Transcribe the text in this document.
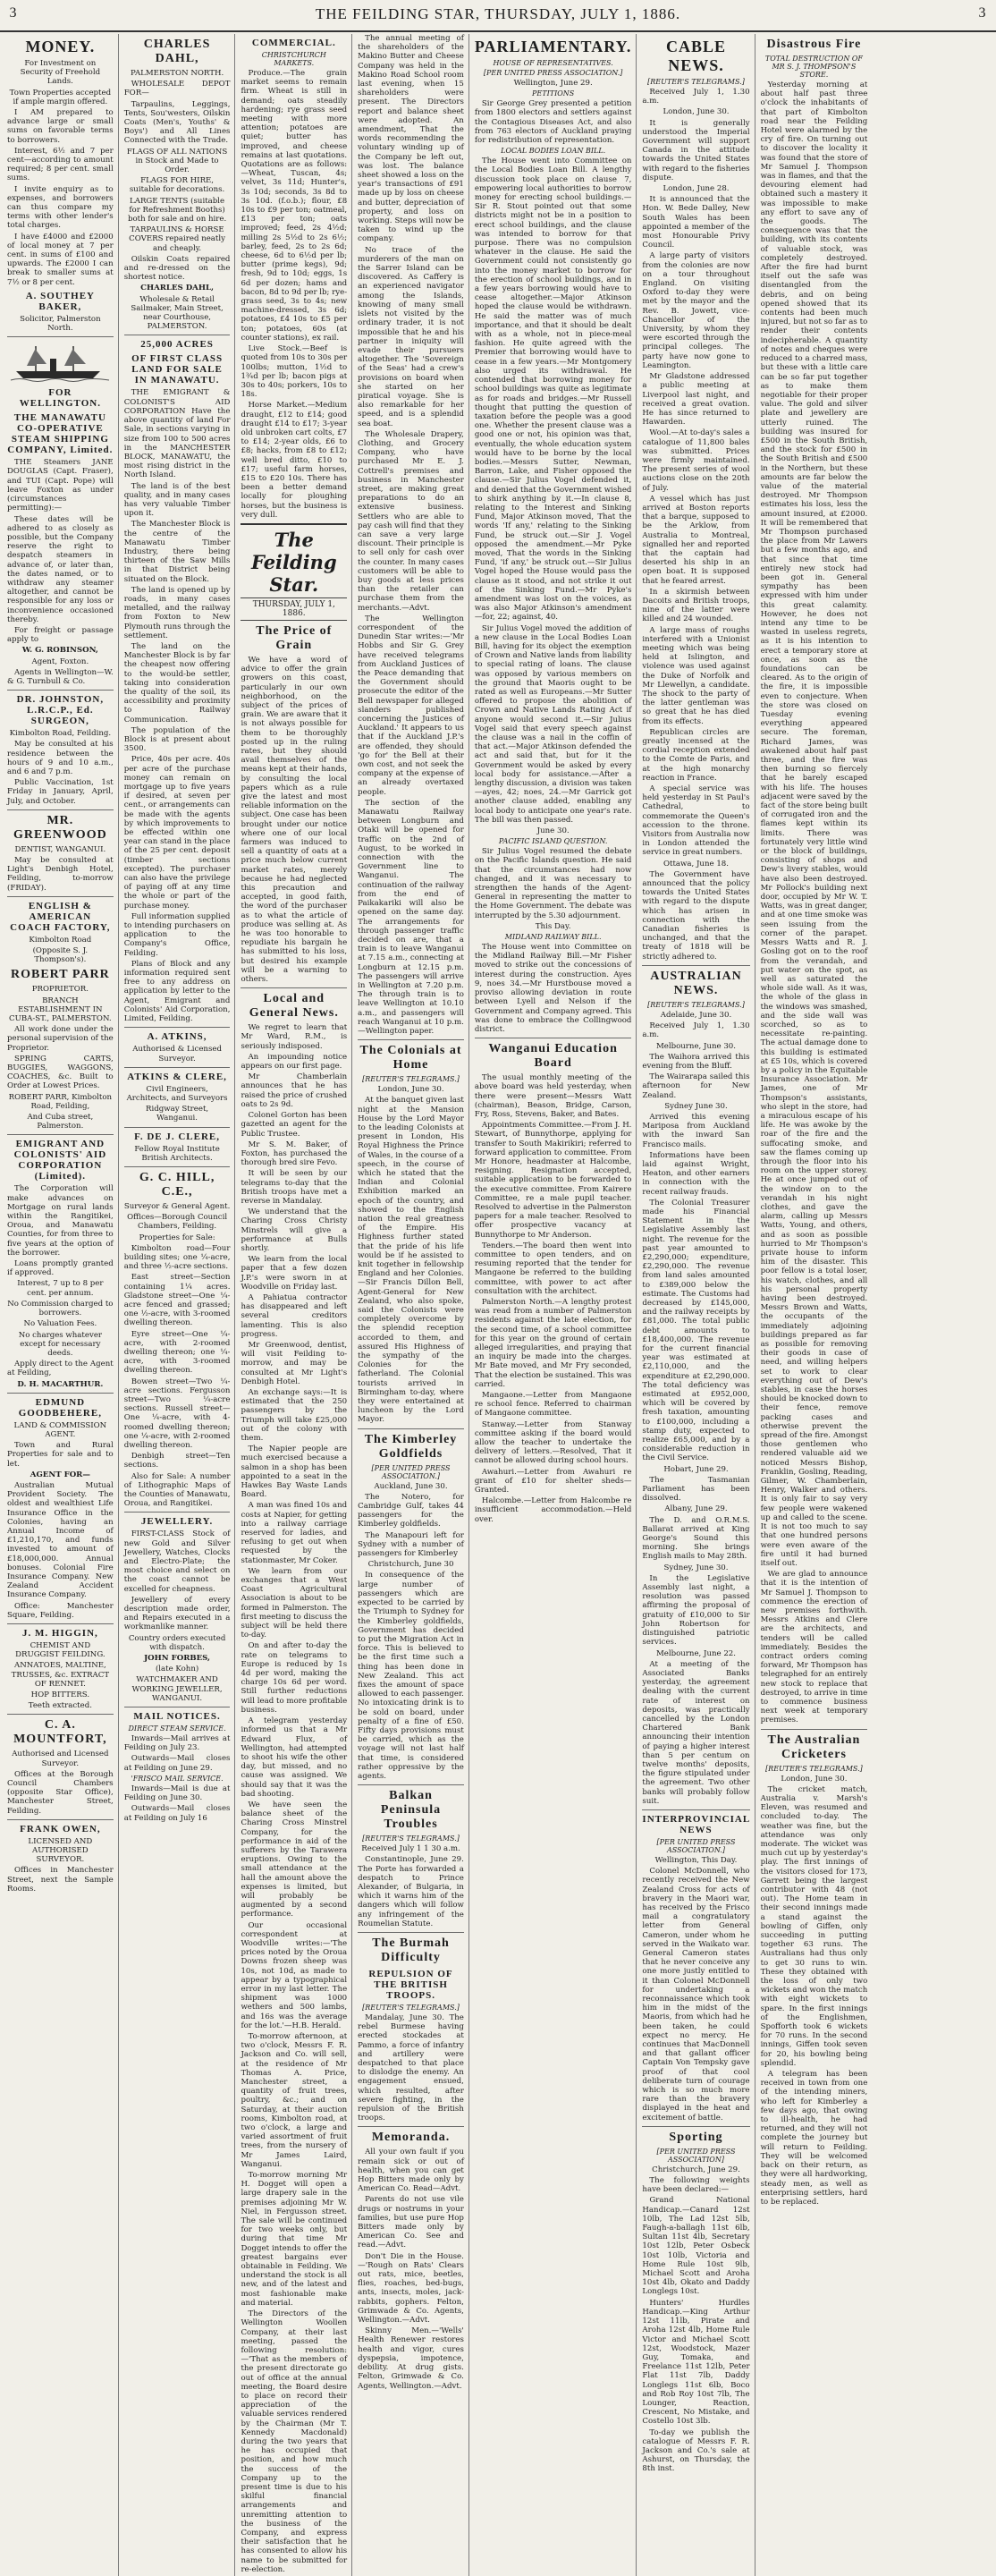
3	THE FEILDING STAR, THURSDAY, JULY 1, 1886.	3
MONEY.

For Investment on Security of Freehold Lands.

Town Properties accepted if ample margin offered.

I AM prepared to advance large or small sums on favorable terms to borrowers.

Interest, 6½ and 7 per cent—according to amount required; 8 per cent. small sums.

I invite enquiry as to expenses, and borrowers can thus compare my terms with other lender's total charges.

I have £4000 and £2000 of local money at 7 per cent. in sums of £100 and upwards. The £2000 I can break to smaller sums at 7½ or 8 per cent.

A. SOUTHEY BAKER,

Solicitor, Palmerston North.

FOR WELLINGTON.
THE MANAWATU CO-OPERATIVE STEAM SHIPPING COMPANY, Limited.

THE Steamers JANE DOUGLAS (Capt. Fraser), and TUI (Capt. Pope) will leave Foxton as under (circumstances permitting):—

These dates will be adhered to as closely as possible, but the Company reserve the right to despatch steamers in advance of, or later than, the dates named, or to withdraw any steamer altogether, and cannot be responsible for any loss or inconvenience occasioned thereby.

For freight or passage apply to

W. G. ROBINSON,

Agent, Foxton.

Agents in Wellington—W. & G. Turnbull & Co.

DR. JOHNSTON, L.R.C.P., Ed. SURGEON,

Kimbolton Road, Feilding.

May be consulted at his residence between the hours of 9 and 10 a.m., and 6 and 7 p.m.

Public Vaccination, 1st Friday in January, April, July, and October.

MR. GREENWOOD

DENTIST, WANGANUI.

May be consulted at Light's Denbigh Hotel, Feilding, to-morrow (FRIDAY).

ENGLISH & AMERICAN COACH FACTORY,

Kimbolton Road

(Opposite S. J. Thompson's).

ROBERT PARR

PROPRIETOR.

BRANCH ESTABLISHMENT IN CUBA-ST., PALMERSTON.

All work done under the personal supervision of the Proprietor.

SPRING CARTS, BUGGIES, WAGGONS, COACHES, &c. Built to Order at Lowest Prices.

ROBERT PARR, Kimbolton Road, Feilding,

And Cuba street, Palmerston.

EMIGRANT AND COLONISTS' AID CORPORATION (Limited).

The Corporation will make advances on Mortgage on rural lands within the Rangitikei, Oroua, and Manawatu Counties, for from three to five years at the option of the borrower.

Loans promptly granted if approved.

Interest, 7 up to 8 per cent. per annum.

No Commission charged to borrowers.

No Valuation Fees.

No charges whatever except for necessary deeds.

Apply direct to the Agent at Feilding,

D. H. MACARTHUR.

EDMUND GOODBEHERE,

LAND & COMMISSION AGENT.

Town and Rural Properties for sale and to let.

AGENT FOR—

Australian Mutual Provident Society. The oldest and wealthiest Life Insurance Office in the Colonies, having an Annual Income of £1,210,170, and funds invested to amount of £18,000,000. Annual bonuses. Colonial Fire Insurance Company. New Zealand Accident Insurance Company.

Office: Manchester Square, Feilding.

J. M. HIGGIN,

CHEMIST AND DRUGGIST FEILDING.

ANNATOES, MALTINE, TRUSSES, &c. EXTRACT OF RENNET.

HOP BITTERS.

Teeth extracted.

C. A. MOUNTFORT,

Authorised and Licensed Surveyor.

Offices at the Borough Council Chambers (opposite Star Office), Manchester Street, Feilding.

FRANK OWEN,

LICENSED AND AUTHORISED SURVEYOR.

Offices in Manchester Street, next the Sample Rooms.

CHARLES DAHL,

PALMERSTON NORTH.

WHOLESALE DEPOT FOR—

Tarpaulins, Leggings, Tents, Sou'westers, Oilskin Coats (Men's, Youths' & Boys') and All Lines Connected with the Trade.

FLAGS OF ALL NATIONS in Stock and Made to Order.

FLAGS FOR HIRE, suitable for decorations.

LARGE TENTS (suitable for Refreshment Booths) both for sale and on hire.

TARPAULINS & HORSE COVERS repaired neatly and cheaply.

Oilskin Coats repaired and re-dressed on the shortest notice.

CHARLES DAHL,

Wholesale & Retail Sailmaker, Main Street, near Courthouse, PALMERSTON.

25,000 ACRES
OF FIRST CLASS LAND FOR SALE IN MANAWATU.

THE EMIGRANT & COLONIST'S AID CORPORATION Have the above quantity of land For Sale, in sections varying in size from 100 to 500 acres in the MANCHESTER BLOCK, MANAWATU, the most rising district in the North Island.

The land is of the best quality, and in many cases has very valuable Timber upon it.

The Manchester Block is the centre of the Manawatu Timber Industry, there being thirteen of the Saw Mills in that District being situated on the Block.

The land is opened up by roads, in many cases metalled, and the railway from Foxton to New Plymouth runs through the settlement.

The land on the Manchester Block is by far the cheapest now offering to the would-be settler, taking into consideration the quality of the soil, its accessibility and proximity to Railway Communication.

The population of the Block is at present about 3500.

Price, 40s per acre. 40s per acre of the purchase money can remain on mortgage up to five years if desired, at seven per cent., or arrangements can be made with the agents by which improvements to be effected within one year can stand in the place of the 25 per cent. deposit (timber sections excepted). The purchaser can also have the privilege of paying off at any time the whole or part of the purchase money.

Full information supplied to intending purchasers on application to the Company's Office, Feilding.

Plans of Block and any information required sent free to any address on application by letter to the Agent, Emigrant and Colonists' Aid Corporation, Limited, Feilding.

A. ATKINS,

Authorised & Licensed Surveyor.

ATKINS & CLERE,

Civil Engineers, Architects, and Surveyors

Ridgway Street, Wanganui.

F. DE J. CLERE,

Fellow Royal Institute British Architects.

G. C. HILL, C.E.,

Surveyor & General Agent.

Offices—Borough Council Chambers, Feilding.

Properties for Sale:

Kimbolton road—Four building sites; one ¼-acre, and three ½-acre sections.

East street—Section containing 1¼ acres. Gladstone street—One ¼-acre fenced and grassed; one ½-acre, with 3-roomed dwelling thereon.

Eyre street—One ¼-acre, with 2-roomed dwelling thereon; one ¼-acre, with 3-roomed dwelling thereon.

Bowen street—Two ¼-acre sections. Fergusson street—Two ¼-acre sections. Russell street—One ¼-acre, with 4-roomed dwelling thereon; one ¼-acre, with 2-roomed dwelling thereon.

Denbigh street—Ten sections.

Also for Sale: A number of Lithographic Maps of the Counties of Manawatu, Oroua, and Rangitikei.

JEWELLERY.

FIRST-CLASS Stock of new Gold and Silver Jewellery, Watches, Clocks and Electro-Plate; the most choice and select on the coast cannot be excelled for cheapness.

Jewellery of every description made order, and Repairs executed in a workmanlike manner.

Country orders executed with dispatch.

JOHN FORBES,

(late Kohn)

WATCHMAKER AND WORKING JEWELLER, WANGANUI.

MAIL NOTICES.
DIRECT STEAM SERVICE.

Inwards—Mail arrives at Feilding on July 23.

Outwards—Mail closes at Feilding on June 29.

'FRISCO MAIL SERVICE.

Inwards—Mail is due at Feilding on June 30.

Outwards—Mail closes at Feilding on July 16

COMMERCIAL.
CHRISTCHURCH MARKETS.

Produce.—The grain market seems to remain firm. Wheat is still in demand; oats steadily hardening; rye grass seed meeting with more attention; potatoes are quiet; butter has improved, and cheese remains at last quotations. Quotations are as follows:—Wheat, Tuscan, 4s; velvet, 3s 11d; Hunter's, 3s 10d; seconds, 3s 8d to 3s 10d. (f.o.b.); flour, £8 10s to £9 per ton; oatmeal, £13 per ton; oats improved; feed, 2s 4½d; milling 2s 5½d to 2s 6½; barley, feed, 2s to 2s 6d; cheese, 6d to 6½d per lb; butter (prime kegs), 9d; fresh, 9d to 10d; eggs, 1s 6d per dozen; hams and bacon, 8d to 9d per lb; rye-grass seed, 3s to 4s; new machine-dressed, 3s 6d; potatoes, £4 10s to £5 per ton; potatoes, 60s (at counter stations), ex rail.

Live Stock.—Beef is quoted from 10s to 30s per 100lbs; mutton, 1½d to 1¾d per lb; bacon pigs at 30s to 40s; porkers, 10s to 18s.

Horse Market.—Medium draught, £12 to £14; good draught £14 to £17; 3-year old unbroken cart colts, £7 to £14; 2-year olds, £6 to £8; hacks, from £8 to £12; well bred ditto, £10 to £17; useful farm horses, £15 to £20 10s. There has been a better demand locally for ploughing horses, but the business is very dull.

The Feilding Star.
THURSDAY, JULY 1, 1886.
The Price of Grain

We have a word of advice to offer the grain growers on this coast, particularly in our own neighborhood, on the subject of the prices of grain. We are aware that it is not always possible for them to be thoroughly posted up in the ruling rates, but they should avail themselves of the means kept at their hands, by consulting the local papers which as a rule give the latest and most reliable information on the subject. One case has been brought under our notice where one of our local farmers was induced to sell a quantity of oats at a price much below current market rates, merely because he had neglected this precaution and accepted, in good faith, the word of the purchaser as to what the article of produce was selling at. As he was too honorable to repudiate his bargain he has submitted to his loss, but desired his example will be a warning to others.

Local and General News.

We regret to learn that Mr Ward, R.M., is seriously indisposed.

An impounding notice appears on our first page.

Mr Chamberlain announces that he has raised the price of crushed oats to 2s 9d.

Colonel Gorton has been gazetted an agent for the Public Trustee.

Mr S. M. Baker, of Foxton, has purchased the thorough bred sire Fevo.

It will be seen by our telegrams to-day that the British troops have met a reverse in Mandalay.

We understand that the Charing Cross Christy Minstrels will give a performance at Bulls shortly.

We learn from the local paper that a few dozen J.P.'s were sworn in at Woodville on Friday last.

A Pahiatua contractor has disappeared and left several creditors lamenting. This is also progress.

Mr Greenwood, dentist, will visit Feilding to-morrow, and may be consulted at Mr Light's Denbigh Hotel.

An exchange says:—It is estimated that the 250 passengers by the Triumph will take £25,000 out of the colony with them.

The Napier people are much exercised because a salmon in a shop has been appointed to a seat in the Hawkes Bay Waste Lands Board.

A man was fined 10s and costs at Napier, for getting into a railway carriage reserved for ladies, and refusing to get out when requested by the stationmaster, Mr Coker.

We learn from our exchanges that a West Coast Agricultural Association is about to be formed in Palmerston. The first meeting to discuss the subject will be held there to-day.

On and after to-day the rate on telegrams to Europe is reduced by 1s 4d per word, making the charge 10s 6d per word. Still further reductions will lead to more profitable business.

A telegram yesterday informed us that a Mr Edward Flux, of Wellington, had attempted to shoot his wife the other day, but missed, and no cause was assigned. We should say that it was the bad shooting.

We have seen the balance sheet of the Charing Cross Minstrel Company, for the performance in aid of the sufferers by the Tarawera eruptions. Owing to the small attendance at the hall the amount above the expenses is limited, but will probably be augmented by a second performance.

Our occasional correspondent at Woodville writes:—'The prices noted by the Oroua Downs frozen sheep was 10s, not 10d, as made to appear by a typographical error in my last letter. The shipment was 1000 wethers and 500 lambs, and 16s was the average for the lot.'—H.B. Herald.

To-morrow afternoon, at two o'clock, Messrs F. R. Jackson and Co. will sell, at the residence of Mr Thomas A. Price, Manchester street, a quantity of fruit trees, poultry, &c.; and on Saturday, at their auction rooms, Kimbolton road, at two o'clock, a large and varied assortment of fruit trees, from the nursery of Mr James Laird, Wanganui.

To-morrow morning Mr H. Dogget will open a large drapery sale in the premises adjoining Mr W. Niel, in Fergusson street. The sale will be continued for two weeks only, but during that time Mr Dogget intends to offer the greatest bargains ever obtainable in Feilding. We understand the stock is all new, and of the latest and most fashionable make and material.

The Directors of the Wellington Woollen Company, at their last meeting, passed the following resolution:—'That as the members of the present directorate go out of office at the annual meeting, the Board desire to place on record their appreciation of the valuable services rendered by the Chairman (Mr T. Kennedy Macdonald) during the two years that he has occupied that position, and how much the success of the Company up to the present time is due to his skilful financial arrangements and unremitting attention to the business of the Company, and express their satisfaction that he has consented to allow his name to be submitted for re-election.

The annual meeting of the shareholders of the Makino Butter and Cheese Company was held in the Makino Road School room last evening, when 15 shareholders were present. The Directors report and balance sheet were adopted. An amendment, That the words recommending the voluntary winding up of the Company be left out, was lost. The balance sheet showed a loss on the year's transactions of £91 made up by loss on cheese and butter, depreciation of property, and loss on working. Steps will now be taken to wind up the company.

No trace of the murderers of the man on the Sarrer Island can be discovered. As Caffery is an experienced navigator among the Islands, knowing of many small islets not visited by the ordinary trader, it is not impossible that he and his partner in iniquity will evade their pursuers altogether. The 'Sovereign of the Seas' had a crew's provisions on board when she started on her piratical voyage. She is also remarkable for her speed, and is a splendid sea boat.

The Wholesale Drapery, Clothing, and Grocery Company, who have purchased Mr E. J. Cottrell's premises and business in Manchester street, are making great preparations to do an extensive business. Settlers who are able to pay cash will find that they can save a very large discount. Their principle is to sell only for cash over the counter. In many cases customers will be able to buy goods at less prices than the retailer can purchase them from the merchants.—Advt.

The Wellington correspondent of the Dunedin Star writes:—'Mr Hobbs and Sir G. Grey have received telegrams from Auckland Justices of the Peace demanding that the Government should prosecute the editor of the Bell newspaper for alleged slanders published concerning the Justices of Auckland.' It appears to us that if the Auckland J.P.'s are offended, they should 'go for' the Bell at their own cost, and not seek the company at the expense of an already overtaxed people.

The section of the Manawatu Railway between Longburn and Otaki will be opened for traffic on the 2nd of August, to be worked in connection with the Government line to Wanganui. The continuation of the railway from the end of Paikakariki will also be opened on the same day. The arrangements for through passenger traffic decided on are, that a train is to leave Wanganui at 7.15 a.m., connecting at Longburn at 12.15 p.m. The passengers will arrive in Wellington at 7.20 p.m. The through train is to leave Wellington at 10.10 a.m., and passengers will reach Wanganui at 10 p.m.—Wellington paper.

The Colonials at Home
[REUTER'S TELEGRAMS.]

London, June 30.

At the banquet given last night at the Mansion House by the Lord Mayor to the leading Colonists at present in London, His Royal Highness the Prince of Wales, in the course of a speech, in the course of which he stated that the Indian and Colonial Exhibition marked an epoch of the country, and showed to the English nation the real greatness of the Empire. His Highness further stated that the pride of his life would be if he assisted to knit together in fellowship England and her Colonies.—Sir Francis Dillon Bell, Agent-General for New Zealand, who also spoke, said the Colonists were completely overcome by the splendid reception accorded to them, and assured His Highness of the sympathy of the Colonies for the fatherland. The Colonial tourists arrived in Birmingham to-day, where they were entertained at luncheon by the Lord Mayor.

The Kimberley Goldfields
[PER UNITED PRESS ASSOCIATION.]

Auckland, June 30.

The Notero, for Cambridge Gulf, takes 44 passengers for the Kimberley goldfields.

The Manapouri left for Sydney with a number of passengers for Kimberley

Christchurch, June 30

In consequence of the large number of passengers which are expected to be carried by the Triumph to Sydney for the Kimberley goldfields, Government has decided to put the Migration Act in force. This is believed to be the first time such a thing has been done in New Zealand. This act fixes the amount of space allowed to each passenger. No intoxicating drink is to be sold on board, under penalty of a fine of £50. Fifty days provisions must be carried, which as the voyage will not last half that time, is considered rather oppressive by the agents.

Balkan Peninsula Troubles
[REUTER'S TELEGRAMS.]

Received July 1 1 30 a.m.

Constantinople, June 29. The Porte has forwarded a despatch to Prince Alexander, of Bulgaria, in which it warns him of the dangers which will follow any infringement of the Roumelian Statute.

The Burmah Difficulty
REPULSION OF THE BRITISH TROOPS.
[REUTER'S TELEGRAMS.]

Mandalay, June 30. The rebel Burmese having erected stockades at Pammo, a force of infantry and artillery were despatched to that place to dislodge the enemy. An engagement ensued, which resulted, after severe fighting, in the repulsion of the British troops.

Memoranda.

All your own fault if you remain sick or out of health, when you can get Hop Bitters made only by American Co. Read—Advt.

Parents do not use vile drugs or nostrums in your families, but use pure Hop Bitters made only by American Co. See and read.—Advt.

Don't Die in the House.—'Rough on Rats' Clears out rats, mice, beetles, flies, roaches, bed-bugs, ants, insects, moles, jack-rabbits, gophers. Felton, Grimwade & Co. Agents, Wellington.—Advt.

Skinny Men.—'Wells' Health Renewer restores health and vigor, cures dyspepsia, impotence, debility. At drug gists. Felton, Grimwade & Co. Agents, Wellington.—Advt.

PARLIAMENTARY.
HOUSE OF REPRESENTATIVES.
[PER UNITED PRESS ASSOCIATION.]

Wellington, June 29.

PETITIONS

Sir George Grey presented a petition from 1800 electors and settlers against the Contagious Diseases Act, and also from 763 electors of Auckland praying for redistribution of representation.

LOCAL BODIES LOAN BILL.

The House went into Committee on the Local Bodies Loan Bill. A lengthy discussion took place on clause 7, empowering local authorities to borrow money for erecting school buildings.—Sir R. Stout pointed out that some districts might not be in a position to erect school buildings, and the clause was intended to borrow for that purpose. There was no compulsion whatever in the clause. He said the Government could not consistently go into the money market to borrow for the erection of school buildings, and in a few years borrowing would have to cease altogether.—Major Atkinson hoped the clause would be withdrawn. He said the matter was of much importance, and that it should be dealt with as a whole, not in piece-meal fashion. He quite agreed with the Premier that borrowing would have to cease in a few years.—Mr Montgomery also urged its withdrawal. He contended that borrowing money for school buildings was quite as legitimate as for roads and bridges.—Mr Russell thought that putting the question of taxation before the people was a good one. Whether the present clause was a good one or not, his opinion was that, eventually, the whole education system would have to be borne by the local bodies.—Messrs Sutter, Newman, Barron, Lake, and Fisher opposed the clause.—Sir Julius Vogel defended it, and denied that the Government wished to shirk anything by it.—In clause 8, relating to the Interest and Sinking Fund, Major Atkinson moved, That the words 'If any,' relating to the Sinking Fund, be struck out.—Sir J. Vogel opposed the amendment.—Mr Pyke moved, That the words in the Sinking Fund, 'if any,' be struck out.—Sir Julius Vogel hoped the House would pass the clause as it stood, and not strike it out of the Sinking Fund.—Mr Pyke's amendment was lost on the voices, as was also Major Atkinson's amendment—for, 22; against, 40.

Sir Julius Vogel moved the addition of a new clause in the Local Bodies Loan Bill, having for its object the exemption of Crown and Native lands from liability to special rating of loans. The clause was opposed by various members on the ground that Maoris ought to be rated as well as Europeans.—Mr Sutter offered to propose the abolition of Crown and Native Lands Rating Act if anyone would second it.—Sir Julius Vogel said that every speech against the clause was a nail in the coffin of that act.—Major Atkinson defended the act and said that, but for it the Government would be asked by every local body for assistance.—After a lengthy discussion, a division was taken—ayes, 42; noes, 24.—Mr Garrick got another clause added, enabling any local body to anticipate one year's rate. The bill was then passed.

June 30.

PACIFIC ISLAND QUESTION.

Sir Julius Vogel resumed the debate on the Pacific Islands question. He said that the circumstances had now changed, and it was necessary to strengthen the hands of the Agent-General in representing the matter to the Home Government. The debate was interrupted by the 5.30 adjournment.

This Day.

MIDLAND RAILWAY BILL.

The House went into Committee on the Midland Railway Bill.—Mr Fisher moved to strike out the concessions of interest during the construction. Ayes 9, noes 34.—Mr Hurstbouse moved a proviso allowing deviation in route between Lyell and Nelson if the Government and Company agreed. This was done to embrace the Collingwood district.

Wanganui Education Board

The usual monthly meeting of the above board was held yesterday, when there were present—Messrs Watt (chairman), Beason, Bridge, Carson, Fry, Ross, Stevens, Baker, and Bates.

Appointments Committee.—From J. H. Stewart, of Bunnythorpe, applying for transfer to South Makirikiri; referred to forward application to committee. From Mr Honore, headmaster at Halcombe, resigning. Resignation accepted, suitable application to be forwarded to the executive committee. From Kairere Committee, re a male pupil teacher. Resolved to advertise in the Palmerston papers for a male teacher. Resolved to offer prospective vacancy at Bunnythorpe to Mr Anderson.

Tenders.—The board then went into committee to open tenders, and on resuming reported that the tender for Mangaone be referred to the building committee, with power to act after consultation with the architect.

Palmerston North.—A lengthy protest was read from a number of Palmerston residents against the late election, for the second time, of a school committee for this year on the ground of certain alleged irregularities, and praying that an inquiry be made into the charges. Mr Bate moved, and Mr Fry seconded, That the election be sustained. This was carried.

Mangaone.—Letter from Mangaone re school fence. Referred to chairman of Mangaone committee.

Stanway.—Letter from Stanway committee asking if the board would allow the teacher to undertake the delivery of letters.—Resolved, That it cannot be allowed during school hours.

Awahuri.—Letter from Awahuri re grant of £10 for shelter sheds—Granted.

Halcombe.—Letter from Halcombe re insufficient accommodation.—Held over.

CABLE NEWS.
[REUTER'S TELEGRAMS.]

Received July 1, 1.30 a.m.

London, June 30.

It is generally understood the Imperial Government will support Canada in the attitude towards the United States with regard to the fisheries dispute.

London, June 28.

It is announced that the Hon. W. Bede Dalley, New South Wales has been appointed a member of the most Honourable Privy Council.

A large party of visitors from the colonies are now on a tour throughout England. On visiting Oxford to-day they were met by the mayor and the Rev. B. Jowett, vice-Chancellor of the University, by whom they were escorted through the principal colleges. The party have now gone to Leamington.

Mr Gladstone addressed a public meeting at Liverpool last night, and received a great ovation. He has since returned to Hawarden.

Wool.—At to-day's sales a catalogue of 11,800 bales was submitted. Prices were firmly maintained. The present series of wool auctions close on the 20th of July.

A vessel which has just arrived at Boston reports that a barque, supposed to be the Arklow, from Australia to Montreal, signalled her and reported that the captain had deserted his ship in an open boat. It is supposed that he feared arrest.

In a skirmish between Dacoits and British troops, nine of the latter were killed and 24 wounded.

A large mass of roughs interfered with a Unionist meeting which was being held at Islington, and violence was used against the Duke of Norfolk and Mr Llewellyn, a candidate. The shock to the party of the latter gentleman was so great that he has died from its effects.

Republican circles are greatly incensed at the cordial reception extended to the Comte de Paris, and at the high monarchy reaction in France.

A special service was held yesterday in St Paul's Cathedral, to commemorate the Queen's accession to the throne. Visitors from Australia now in London attended the service in great numbers.

Ottawa, June 18.

The Government have announced that the policy towards the United States with regard to the dispute which has arisen in connection with the Canadian fisheries is unchanged, and that the treaty of 1818 will be strictly adhered to.

AUSTRALIAN NEWS.
[REUTER'S TELEGRAMS.]

Adelaide, June 30.

Received July 1, 1.30 a.m.

Melbourne, June 30.

The Waihora arrived this evening from the Bluff.

The Wairarapa sailed this afternoon for New Zealand.

Sydney June 30.

Arrived this evening Mariposa from Auckland with the inward San Francisco mails.

Informations have been laid against Wright, Heaton, and other earners in connection with the recent railway frauds.

The Colonial Treasurer made his Financial Statement in the Legislative Assembly last night. The revenue for the past year amounted to £2,290,000; expenditure, £2,290,000. The revenue from land sales amounted to £389,000 below the estimate. The Customs had decreased by £145,000, and the railway receipts by £81,000. The total public debt amounts to £18,400,000. The revenue for the current financial year was estimated at £2,110,000, and the expenditure at £2,290,000. The total deficiency was estimated at £952,000, which will be covered by fresh taxation, amounting to £100,000, including a stamp duty, expected to realize £65,000, and by a considerable reduction in the Civil Service.

Hobart, June 29.

The Tasmanian Parliament has been dissolved.

Albany, June 29.

The D. and O.R.M.S. Ballarat arrived at King George's Sound this morning. She brings English mails to May 28th.

Sydney, June 30.

In the Legislative Assembly last night, a resolution was passed affirming the proposal of gratuity of £10,000 to Sir John Robertson for distinguished patriotic services.

Melbourne, June 22.

At a meeting of the Associated Banks yesterday, the agreement dealing with the current rate of interest on deposits, was practically cancelled by the London Chartered Bank announcing their intention of paying a higher interest than 5 per centum on twelve months' deposits, the figure stipulated under the agreement. Two other banks will probably follow suit.

INTERPROVINCIAL NEWS
[PER UNITED PRESS ASSOCIATION.]

Wellington, This Day.

Colonel McDonnell, who recently received the New Zealand Cross for acts of bravery in the Maori war, has received by the Frisco mail a congratulatory letter from General Cameron, under whom he served in the Waikato war. General Cameron states that he never conceive any one more justly entitled to it than Colonel McDonnell for undertaking a reconnaissance which took him in the midst of the Maoris, from which had he been taken, he could expect no mercy. He continues that MacDonnell and that gallant officer Captain Von Tempsky gave proof of that cool deliberate turn of courage which is so much more rare than the bravery displayed in the heat and excitement of battle.

Sporting
[PER UNITED PRESS ASSOCIATION]

Christchurch, June 29.

The following weights have been declared:—

Grand National Handicap.—Canard 12st 10lb, The Lad 12st 5lb, Faugh-a-ballagh 11st 6lb, Sultan 11st 4lb, Secretary 10st 12lb, Peter Osbeck 10st 10lb, Victoria and Home Rule 10st 9lb, Michael Scott and Aroha 10st 4lb, Okato and Daddy Longlegs 10st.

Hunters' Hurdles Handicap.—King Arthur 12st 11lb, Pirate and Aroha 12st 4lb, Home Rule Victor and Michael Scott 12st, Woodstock, Mazer Guy, Tomaka, and Freelance 11st 12lb, Peter Flat 11st 7lb, Daddy Longlegs 11st 6lb, Boco and Rob Roy 10st 7lb, The Lounger, Reaction, Crescent, No Mistake, and Costello 10st 3lb.

To-day we publish the catalogue of Messrs F. R. Jackson and Co.'s sale at Ashurst, on Thursday, the 8th inst.

Disastrous Fire
TOTAL DESTRUCTION OF MR S. J. THOMPSON'S STORE.

Yesterday morning at about half past three o'clock the inhabitants of that part of Kimbolton road near the Feilding Hotel were alarmed by the cry of fire. On turning out to discover the locality it was found that the store of Mr Samuel J. Thompson was in flames, and that the devouring element had obtained such a mastery it was impossible to make any effort to save any of the goods. The consequence was that the building, with its contents of valuable stock, was completely destroyed. After the fire had burnt itself out the safe was disentangled from the debris, and on being opened showed that its contents had been much injured, but not so far as to render their contents indecipherable. A quantity of notes and cheques were reduced to a charred mass, but these with a little care can be so far put together as to make them negotiable for their proper value. The gold and silver plate and jewellery are utterly ruined. The building was insured for £500 in the South British, and the stock for £500 in the South British and £500 in the Northern, but these amounts are far below the value of the material destroyed. Mr Thompson estimates his loss, less the amount insured, at £2000. It will be remembered that Mr Thompson purchased the place from Mr Lawers but a few months ago, and that since that time entirely new stock had been got in. General sympathy has been expressed with him under this great calamity. However, he does not intend any time to be wasted in useless regrets, as it is his intention to erect a temporary store at once, as soon as the foundations can be cleared. As to the origin of the fire, it is impossible even to conjecture. When the store was closed on Tuesday evening everything appeared secure. The foreman, Richard James, was awakened about half past three, and the fire was then burning so fiercely that he barely escaped with his life. The houses adjacent were saved by the fact of the store being built of corrugated iron and the flames kept within its limits. There was fortunately very little wind or the block of buildings, consisting of shops and Dew's livery stables, would have also been destroyed. Mr Pollock's building next door, occupied by Mr W. T. Watts, was in great danger, and at one time smoke was seen issuing from the corner of the parapet. Messrs Watts and R. J. Gosling got on to the roof from the verandah, and put water on the spot, as well as saturated the whole side wall. As it was, the whole of the glass in the windows was smashed, and the side wall was scorched, so as to necessitate re-painting. The actual damage done to this building is estimated at £5 10s, which is covered by a policy in the Equitable Insurance Association. Mr James, one of Mr Thompson's assistants, who slept in the store, had a miraculous escape of his life. He was awoke by the roar of the fire and the suffocating smoke, and saw the flames coming up through the floor into his room on the upper storey. He at once jumped out of the window on to the verandah in his night clothes, and gave the alarm, calling up Messrs Watts, Young, and others, and as soon as possible hurried to Mr Thompson's private house to inform him of the disaster. This poor fellow is a total loser, his watch, clothes, and all his personal property having been destroyed. Messrs Brown and Watts, the occupants of the immediately adjoining buildings prepared as far as possible for removing their goods in case of need, and willing helpers set to work to clear everything out of Dew's stables, in case the horses should be knocked down to their fence, remove packing cases and otherwise prevent the spread of the fire. Amongst those gentlemen who rendered valuable aid we noticed Messrs Bishop, Franklin, Gosling, Reading, Gilmer, W. Chamberlain, Henry, Walker and others. It is only fair to say very few people were wakened up and called to the scene. It is not too much to say that one hundred persons were even aware of the fire until it had burned itself out.

We are glad to announce that it is the intention of Mr Samuel J. Thompson to commence the erection of new premises forthwith. Messrs Atkins and Clere are the architects, and tenders will be called immediately. Besides the contract orders coming forward, Mr Thompson has telegraphed for an entirely new stock to replace that destroyed, to arrive in time to commence business next week at temporary premises.

The Australian Cricketers
[REUTER'S TELEGRAMS.]

London, June 30.

The cricket match, Australia v. Marsh's Eleven, was resumed and concluded to-day. The weather was fine, but the attendance was only moderate. The wicket was much cut up by yesterday's play. The first innings of the visitors closed for 173, Garrett being the largest contributor with 48 (not out). The Home team in their second innings made a stand against the bowling of Giffen, only succeeding in putting together 63 runs. The Australians had thus only to get 30 runs to win. These they obtained with the loss of only two wickets and won the match with eight wickets to spare. In the first innings of the Englishmen, Spofforth took 6 wickets for 70 runs. In the second innings, Giffen took seven for 20, his bowling being splendid.

A telegram has been received in town from one of the intending miners, who left for Kimberley a few days ago, that owing to ill-health, he had returned, and they will not complete the journey but will return to Feilding. They will be welcomed back on their return, as they were all hardworking, steady men, as well as enterprising settlers, hard to be replaced.
